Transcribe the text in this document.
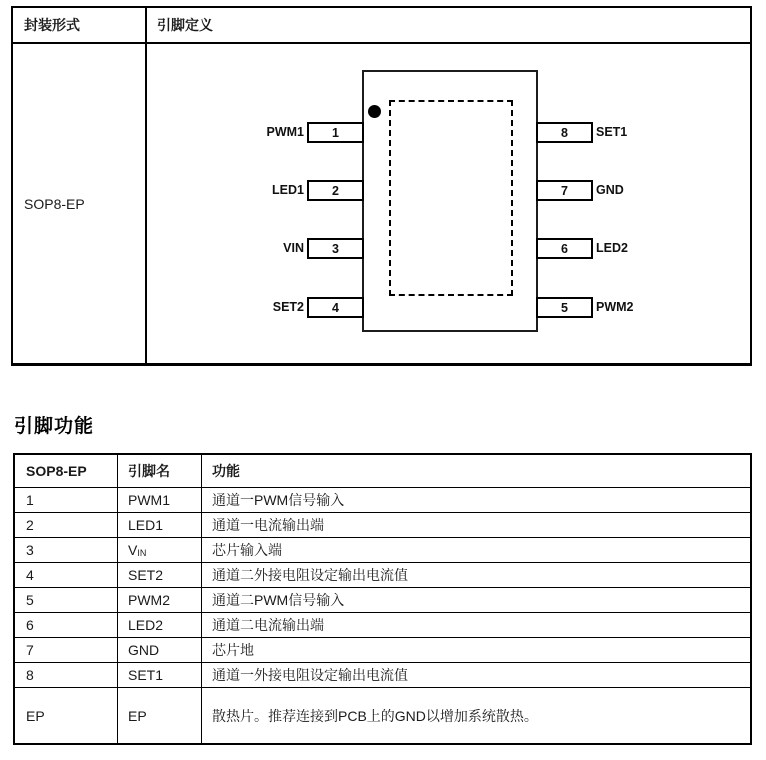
封装形式	引脚定义
SOP8-EP
PWM1	1
LED1	2
VIN	3
SET2	4
8	SET1
7	GND
6	LED2
5	PWM2
引脚功能
SOP8-EP	引脚名	功能
1	PWM1	通道一PWM信号输入
2	LED1	通道一电流输出端
3	V IN	芯片输入端
4	SET2	通道二外接电阻设定输出电流值
5	PWM2	通道二PWM信号输入
6	LED2	通道二电流输出端
7	GND	芯片地
8	SET1	通道一外接电阻设定输出电流值
EP	EP	散热片。推荐连接到PCB上的GND以增加系统散热。
